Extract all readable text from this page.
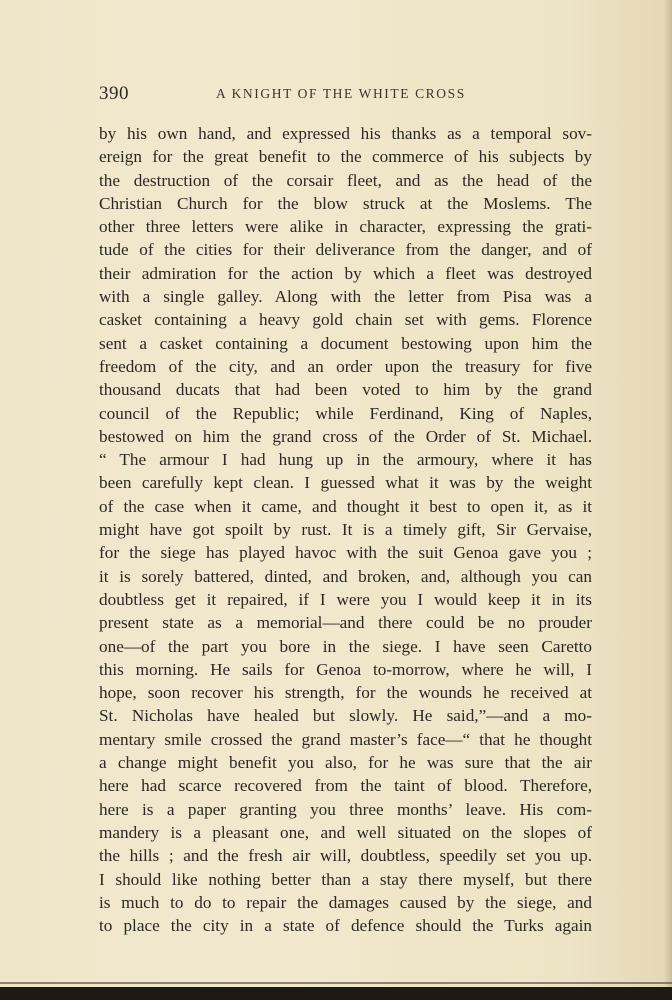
390	A KNIGHT OF THE WHITE CROSS
by his own hand, and expressed his thanks as a temporal sov-
ereign for the great benefit to the commerce of his subjects by
the destruction of the corsair fleet, and as the head of the
Christian Church for the blow struck at the Moslems. The
other three letters were alike in character, expressing the grati-
tude of the cities for their deliverance from the danger, and of
their admiration for the action by which a fleet was destroyed
with a single galley. Along with the letter from Pisa was a
casket containing a heavy gold chain set with gems. Florence
sent a casket containing a document bestowing upon him the
freedom of the city, and an order upon the treasury for five
thousand ducats that had been voted to him by the grand
council of the Republic; while Ferdinand, King of Naples,
bestowed on him the grand cross of the Order of St. Michael.
“ The armour I had hung up in the armoury, where it has
been carefully kept clean. I guessed what it was by the weight
of the case when it came, and thought it best to open it, as it
might have got spoilt by rust. It is a timely gift, Sir Gervaise,
for the siege has played havoc with the suit Genoa gave you ;
it is sorely battered, dinted, and broken, and, although you can
doubtless get it repaired, if I were you I would keep it in its
present state as a memorial—and there could be no prouder
one—of the part you bore in the siege. I have seen Caretto
this morning. He sails for Genoa to-morrow, where he will, I
hope, soon recover his strength, for the wounds he received at
St. Nicholas have healed but slowly. He said,”—and a mo-
mentary smile crossed the grand master’s face—“ that he thought
a change might benefit you also, for he was sure that the air
here had scarce recovered from the taint of blood. Therefore,
here is a paper granting you three months’ leave. His com-
mandery is a pleasant one, and well situated on the slopes of
the hills ; and the fresh air will, doubtless, speedily set you up.
I should like nothing better than a stay there myself, but there
is much to do to repair the damages caused by the siege, and
to place the city in a state of defence should the Turks again
